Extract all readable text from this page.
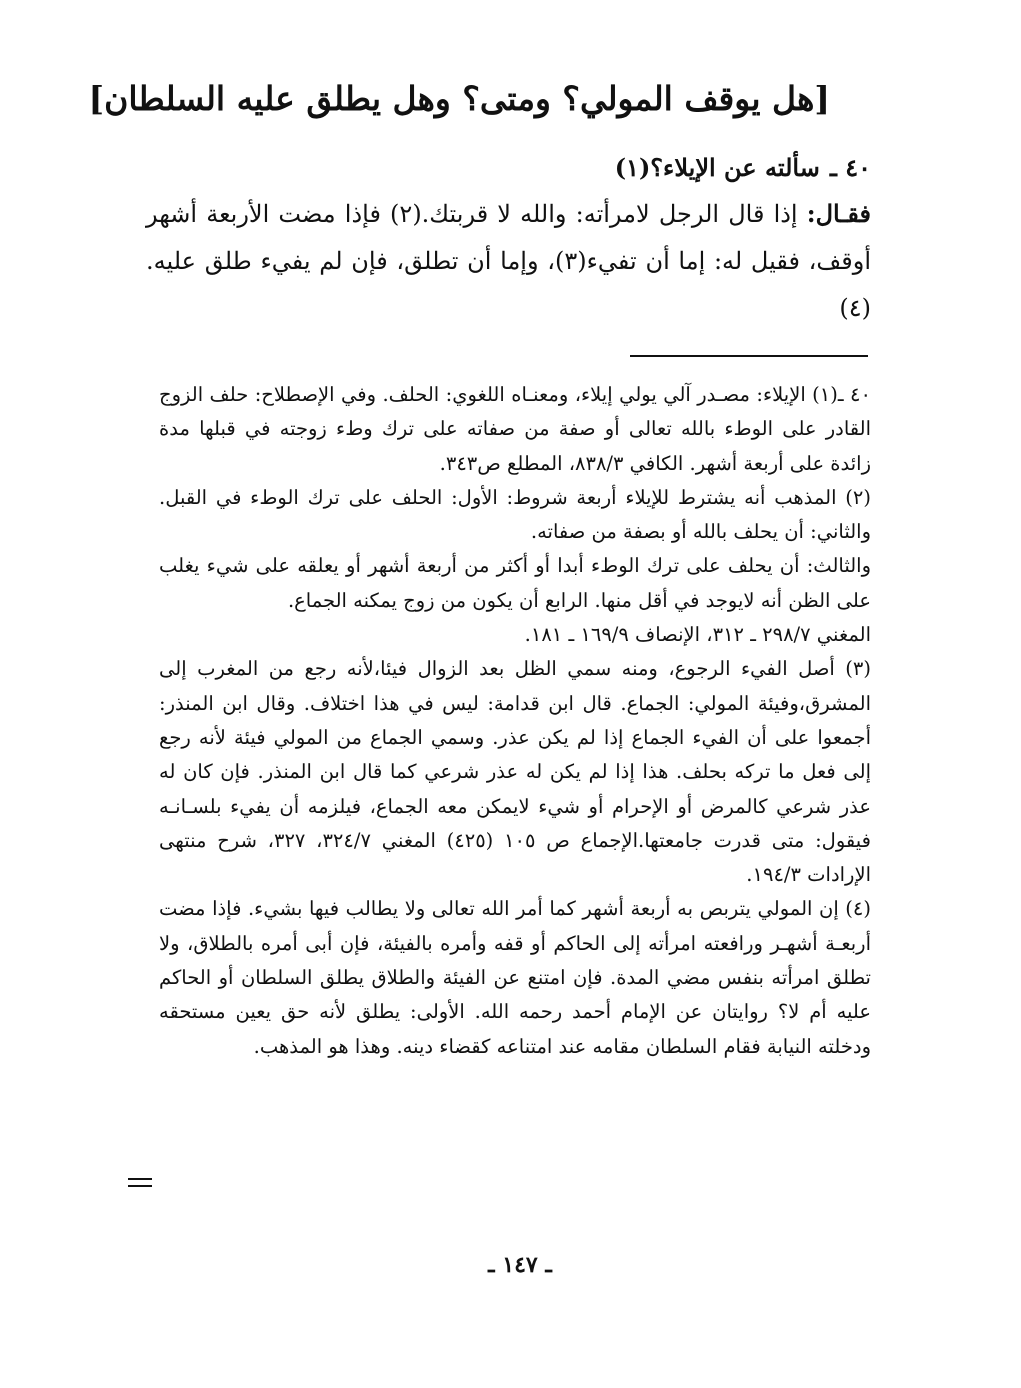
[هل يوقف المولي؟ ومتى؟ وهل يطلق عليه السلطان]
٤٠ ـسألته عن الإيلاء؟(١)
فقـال: إذا قال الرجل لامرأته: والله لا قربتك.(٢) فإذا مضت الأربعة أشهر أوقف، فقيل له: إما أن تفيء(٣)، وإما أن تطلق، فإن لم يفيء طلق عليه.(٤)

٤٠ ـ(١) الإيلاء: مصـدر آلي يولي إيلاء، ومعنـاه اللغوي: الحلف. وفي الإصطلاح: حلف الزوج القادر على الوطء بالله تعالى أو صفة من صفاته على ترك وطء زوجته في قبلها مدة زائدة على أربعة أشهر. الكافي ٨٣٨/٣، المطلع ص٣٤٣.

(٢) المذهب أنه يشترط للإيلاء أربعة شروط: الأول: الحلف على ترك الوطء في القبل. والثاني: أن يحلف بالله أو بصفة من صفاته.

والثالث: أن يحلف على ترك الوطء أبدا أو أكثر من أربعة أشهر أو يعلقه على شيء يغلب على الظن أنه لايوجد في أقل منها. الرابع أن يكون من زوج يمكنه الجماع.

المغني ٢٩٨/٧ ـ ٣١٢، الإنصاف ١٦٩/٩ ـ ١٨١.

(٣) أصل الفيء الرجوع، ومنه سمي الظل بعد الزوال فيئا،لأنه رجع من المغرب إلى المشرق،وفيئة المولي: الجماع. قال ابن قدامة: ليس في هذا اختلاف. وقال ابن المنذر: أجمعوا على أن الفيء الجماع إذا لم يكن عذر. وسمي الجماع من المولي فيئة لأنه رجع إلى فعل ما تركه بحلف. هذا إذا لم يكن له عذر شرعي كما قال ابن المنذر. فإن كان له عذر شرعي كالمرض أو الإحرام أو شيء لايمكن معه الجماع، فيلزمه أن يفيء بلسـانـه فيقول: متى قدرت جامعتها.الإجماع ص ١٠٥ (٤٢٥) المغني ٣٢٤/٧، ٣٢٧، شرح منتهى الإرادات ١٩٤/٣.

(٤) إن المولي يتربص به أربعة أشهر كما أمر الله تعالى ولا يطالب فيها بشيء. فإذا مضت أربعـة أشهـر ورافعته امرأته إلى الحاكم أو قفه وأمره بالفيئة، فإن أبى أمره بالطلاق، ولا تطلق امرأته بنفس مضي المدة. فإن امتنع عن الفيئة والطلاق يطلق السلطان أو الحاكم عليه أم لا؟ روايتان عن الإمام أحمد رحمه الله. الأولى: يطلق لأنه حق يعين مستحقه ودخلته النيابة فقام السلطان مقامه عند امتناعه كقضاء دينه. وهذا هو المذهب.

ـ ١٤٧ ـ
